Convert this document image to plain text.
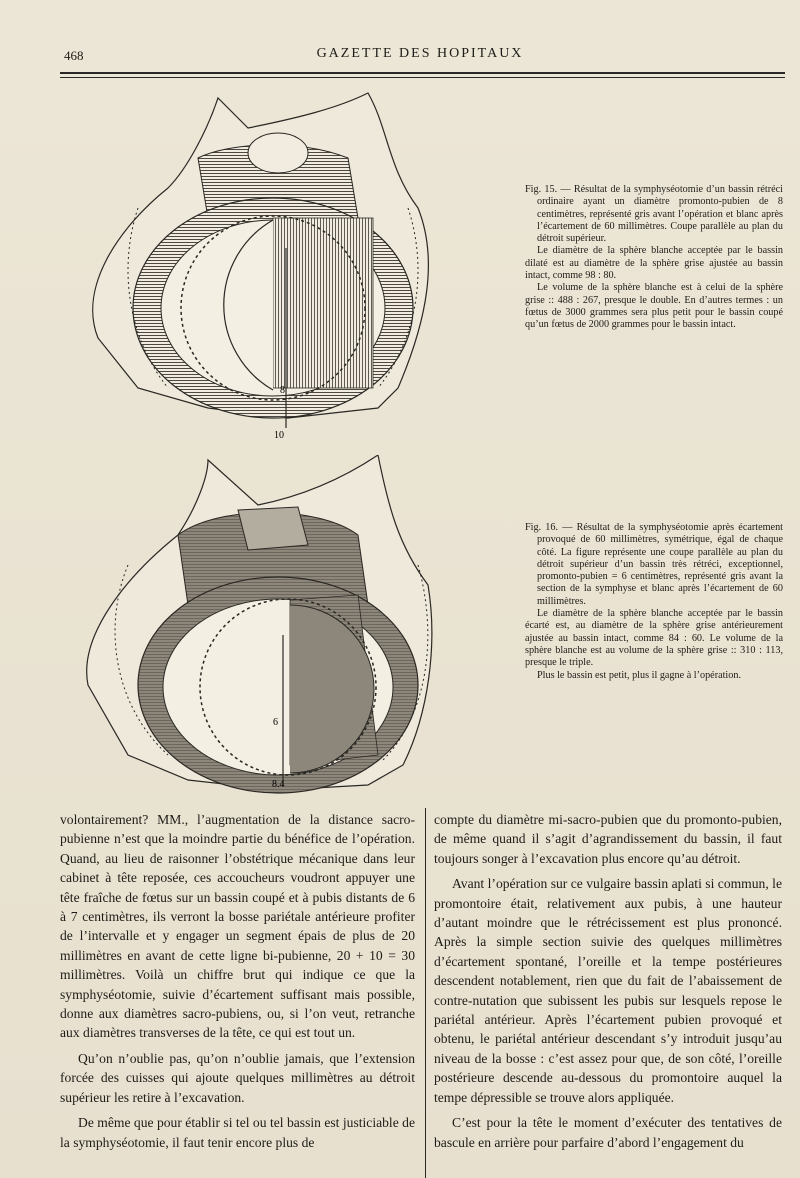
468	GAZETTE DES HOPITAUX
8
10

Fig. 15. — Résultat de la symphyséotomie d’un bassin rétréci ordinaire ayant un diamètre promonto-pubien de 8 centimètres, représenté gris avant l’opération et blanc après l’écartement de 60 millimètres. Coupe parallèle au plan du détroit supérieur.

Le diamètre de la sphère blanche acceptée par le bassin dilaté est au diamètre de la sphère grise ajustée au bassin intact, comme 98 : 80.

Le volume de la sphère blanche est à celui de la sphère grise :: 488 : 267, presque le double. En d’autres termes : un fœtus de 3000 grammes sera plus petit pour le bassin coupé qu’un fœtus de 2000 grammes pour le bassin intact.

6
8.4

Fig. 16. — Résultat de la symphyséotomie après écartement provoqué de 60 millimètres, symétrique, égal de chaque côté. La figure représente une coupe parallèle au plan du détroit supérieur d’un bassin très rétréci, exceptionnel, promonto-pubien = 6 centimètres, représenté gris avant la section de la symphyse et blanc après l’écartement de 60 millimètres.

Le diamètre de la sphère blanche acceptée par le bassin écarté est, au diamètre de la sphère grise antérieurement ajustée au bassin intact, comme 84 : 60. Le volume de la sphère blanche est au volume de la sphère grise :: 310 : 113, presque le triple.

Plus le bassin est petit, plus il gagne à l’opération.

volontairement? MM., l’augmentation de la distance sacro-pubienne n’est que la moindre partie du bénéfice de l’opération. Quand, au lieu de raisonner l’obstétrique mécanique dans leur cabinet à tête reposée, ces accoucheurs voudront appuyer une tête fraîche de fœtus sur un bassin coupé et à pubis distants de 6 à 7 centimètres, ils verront la bosse pariétale antérieure profiter de l’intervalle et y engager un segment épais de plus de 20 millimètres en avant de cette ligne bi-pubienne, 20 + 10 = 30 millimètres. Voilà un chiffre brut qui indique ce que la symphyséotomie, suivie d’écartement suffisant mais possible, donne aux diamètres sacro-pubiens, ou, si l’on veut, retranche aux diamètres transverses de la tête, ce qui est tout un.

Qu’on n’oublie pas, qu’on n’oublie jamais, que l’extension forcée des cuisses qui ajoute quelques millimètres au détroit supérieur les retire à l’excavation.

De même que pour établir si tel ou tel bassin est justiciable de la symphyséotomie, il faut tenir encore plus de

compte du diamètre mi-sacro-pubien que du promonto-pubien, de même quand il s’agit d’agrandissement du bassin, il faut toujours songer à l’excavation plus encore qu’au détroit.

Avant l’opération sur ce vulgaire bassin aplati si commun, le promontoire était, relativement aux pubis, à une hauteur d’autant moindre que le rétrécissement est plus prononcé. Après la simple section suivie des quelques millimètres d’écartement spontané, l’oreille et la tempe postérieures descendent notablement, rien que du fait de l’abaissement de contre-nutation que subissent les pubis sur lesquels repose le pariétal antérieur. Après l’écartement pubien provoqué et obtenu, le pariétal antérieur descendant s’y introduit jusqu’au niveau de la bosse : c’est assez pour que, de son côté, l’oreille postérieure descende au-dessous du promontoire auquel la tempe dépressible se trouve alors appliquée.

C’est pour la tête le moment d’exécuter des tentatives de bascule en arrière pour parfaire d’abord l’engagement du
